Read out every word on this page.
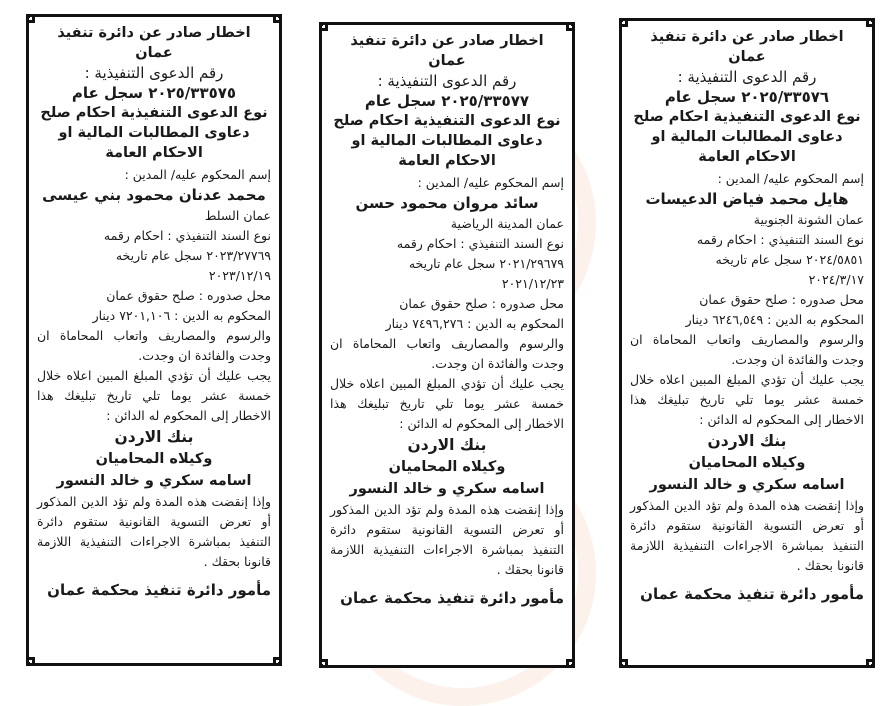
اخطار صادر عن دائرة تنفيذ عمان
رقم الدعوى التنفيذية :
٢٠٢٥/٣٣٥٧٥ سجل عام
نوع الدعوى التنفيذية احكام صلح
دعاوى المطالبات المالية او الاحكام العامة
إسم المحكوم عليه/ المدين :
محمد عدنان محمود بني عيسى
عمان السلط
نوع السند التنفيذي : احكام رقمه
٢٠٢٣/٢٧٧٦٩ سجل عام تاريخه
٢٠٢٣/١٢/١٩
محل صدوره : صلح حقوق عمان
المحكوم به الدين : ٧٢٠١,١٠٦ دينار
والرسوم والمصاريف واتعاب المحاماة ان وجدت والفائدة ان وجدت.
يجب عليك أن تؤدي المبلغ المبين اعلاه خلال خمسة عشر يوما تلي تاريخ تبليغك هذا الاخطار إلى المحكوم له الدائن :
بنك الاردن
وكيلاه المحاميان
اسامه سكري و خالد النسور
وإذا إنقضت هذه المدة ولم تؤد الدين المذكور أو تعرض التسوية القانونية ستقوم دائرة التنفيذ بمباشرة الاجراءات التنفيذية اللازمة قانونا بحقك .
مأمور دائرة تنفيذ محكمة عمان
اخطار صادر عن دائرة تنفيذ عمان
رقم الدعوى التنفيذية :
٢٠٢٥/٣٣٥٧٧ سجل عام
نوع الدعوى التنفيذية احكام صلح
دعاوى المطالبات المالية او الاحكام العامة
إسم المحكوم عليه/ المدين :
سائد مروان محمود حسن
عمان المدينة الرياضية
نوع السند التنفيذي : احكام رقمه
٢٠٢١/٢٩٦٧٩ سجل عام تاريخه
٢٠٢١/١٢/٢٣
محل صدوره : صلح حقوق عمان
المحكوم به الدين : ٧٤٩٦,٢٧٦ دينار
والرسوم والمصاريف واتعاب المحاماة ان وجدت والفائدة ان وجدت.
يجب عليك أن تؤدي المبلغ المبين اعلاه خلال خمسة عشر يوما تلي تاريخ تبليغك هذا الاخطار إلى المحكوم له الدائن :
بنك الاردن
وكيلاه المحاميان
اسامه سكري و خالد النسور
وإذا إنقضت هذه المدة ولم تؤد الدين المذكور أو تعرض التسوية القانونية ستقوم دائرة التنفيذ بمباشرة الاجراءات التنفيذية اللازمة قانونا بحقك .
مأمور دائرة تنفيذ محكمة عمان
اخطار صادر عن دائرة تنفيذ عمان
رقم الدعوى التنفيذية :
٢٠٢٥/٣٣٥٧٦ سجل عام
نوع الدعوى التنفيذية احكام صلح
دعاوى المطالبات المالية او الاحكام العامة
إسم المحكوم عليه/ المدين :
هايل محمد فياض الدعيسات
عمان الشونة الجنوبية
نوع السند التنفيذي : احكام رقمه
٢٠٢٤/٥٨٥١ سجل عام تاريخه
٢٠٢٤/٣/١٧
محل صدوره : صلح حقوق عمان
المحكوم به الدين : ٦٢٤٦,٥٤٩ دينار
والرسوم والمصاريف واتعاب المحاماة ان وجدت والفائدة ان وجدت.
يجب عليك أن تؤدي المبلغ المبين اعلاه خلال خمسة عشر يوما تلي تاريخ تبليغك هذا الاخطار إلى المحكوم له الدائن :
بنك الاردن
وكيلاه المحاميان
اسامه سكري و خالد النسور
وإذا إنقضت هذه المدة ولم تؤد الدين المذكور أو تعرض التسوية القانونية ستقوم دائرة التنفيذ بمباشرة الاجراءات التنفيذية اللازمة قانونا بحقك .
مأمور دائرة تنفيذ محكمة عمان
